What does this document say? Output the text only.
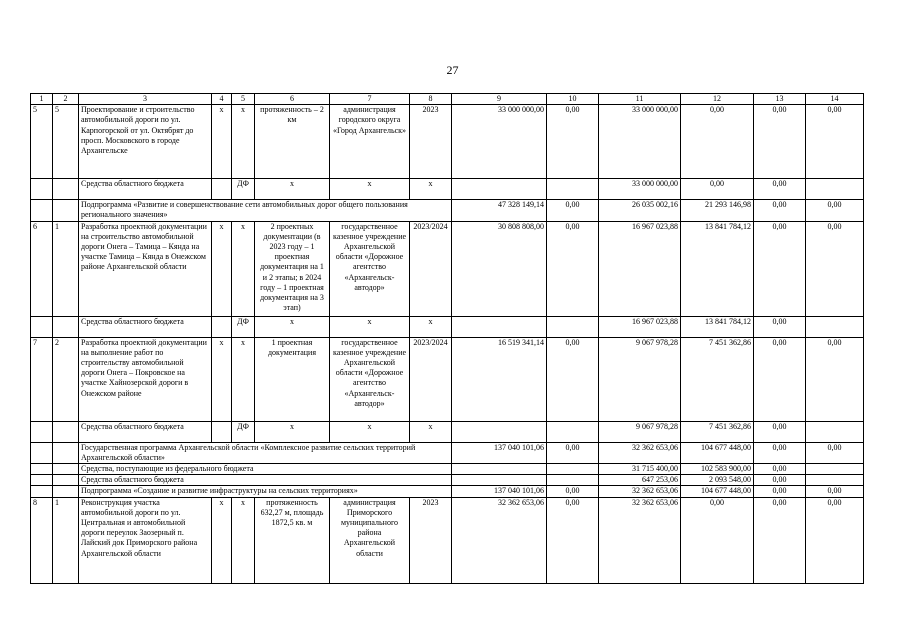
27
1	2	3	4	5	6	7	8	9	10	11	12	13	14
5	5	Проектирование и строительство автомобильной дороги по ул. Карпогорской от ул. Октябрят до просп. Московского в городе Архангельске	х	х	протяженность – 2 км	администрация городского округа «Город Архангельск»	2023	33 000 000,00	0,00	33 000 000,00	0,00	0,00	0,00
		Средства областного бюджета		ДФ	х	х	х			33 000 000,00	0,00	0,00	
		Подпрограмма «Развитие и совершенствование сети автомобильных дорог общего пользования регионального значения»						47 328 149,14	0,00	26 035 002,16	21 293 146,98	0,00	0,00
6	1	Разработка проектной документации на строительство автомобильной дороги Онега – Тамица – Кянда на участке Тамица – Кянда в Онежском районе Архангельской области	х	х	2 проектных документации (в 2023 году – 1 проектная документация на 1 и 2 этапы; в 2024 году – 1 проектная документация на 3 этап)	государственное казенное учреждение Архангельской области «Дорожное агентство «Архангельск-автодор»	2023/2024	30 808 808,00	0,00	16 967 023,88	13 841 784,12	0,00	0,00
		Средства областного бюджета		ДФ	х	х	х			16 967 023,88	13 841 784,12	0,00	
7	2	Разработка проектной документации на выполнение работ по строительству автомобильной дороги Онега – Покровское на участке Хайнозерской дороги в Онежском районе	х	х	1 проектная документация	государственное казенное учреждение Архангельской области «Дорожное агентство «Архангельск-автодор»	2023/2024	16 519 341,14	0,00	9 067 978,28	7 451 362,86	0,00	0,00
		Средства областного бюджета		ДФ	х	х	х			9 067 978,28	7 451 362,86	0,00	
		Государственная программа Архангельской области «Комплексное развитие сельских территорий Архангельской области»						137 040 101,06	0,00	32 362 653,06	104 677 448,00	0,00	0,00
		Средства, поступающие из федерального бюджета								31 715 400,00	102 583 900,00	0,00	
		Средства областного бюджета								647 253,06	2 093 548,00	0,00	
		Подпрограмма «Создание и развитие инфраструктуры на сельских территориях»						137 040 101,06	0,00	32 362 653,06	104 677 448,00	0,00	0,00
8	1	Реконструкция участка автомобильной дороги по ул. Центральная и автомобильной дороги переулок Заозерный п. Лайский док Приморского района Архангельской области	х	х	протяженность 632,27 м, площадь 1872,5 кв. м	администрация Приморского муниципального района Архангельской области	2023	32 362 653,06	0,00	32 362 653,06	0,00	0,00	0,00
